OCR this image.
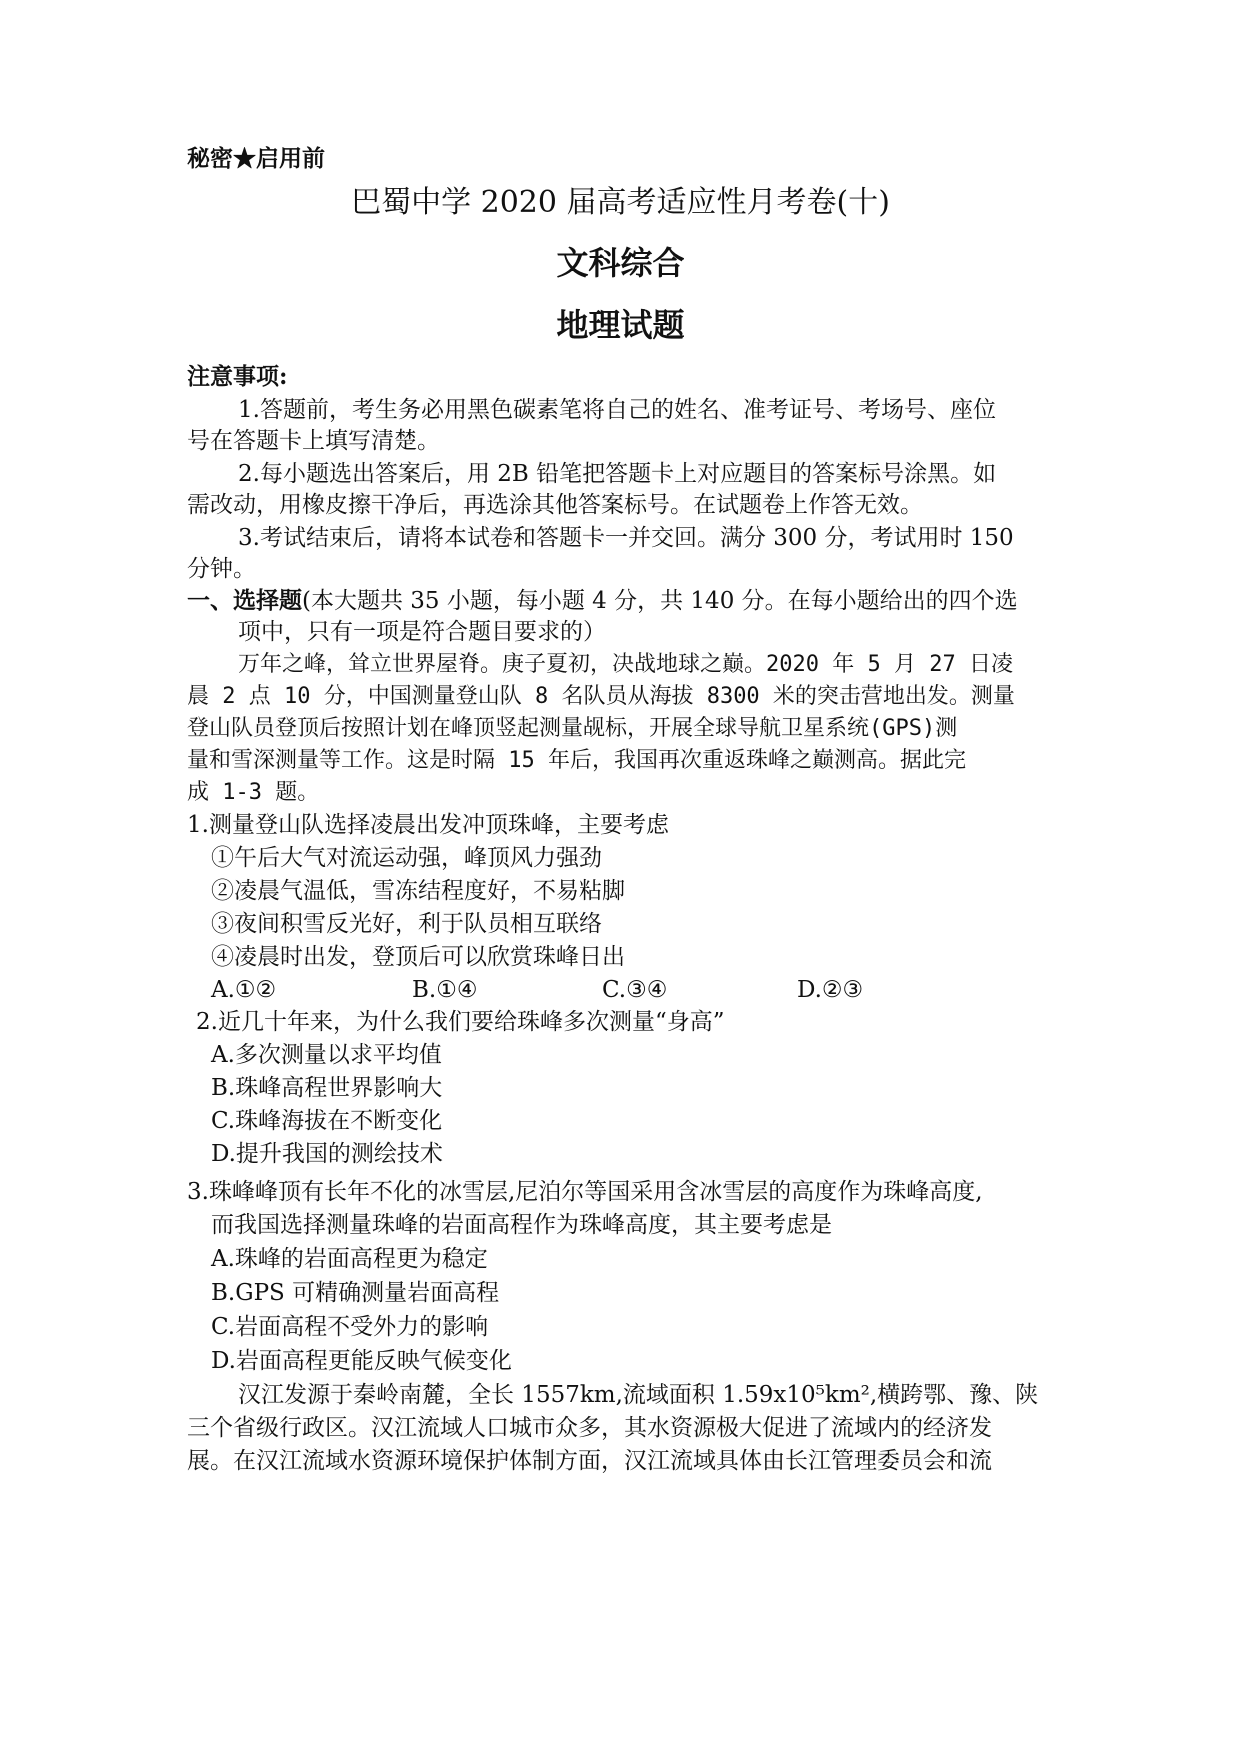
秘密★启用前
巴蜀中学 2020 届高考适应性月考卷(十)
文科综合
地理试题
注意事项:
1.答题前，考生务必用黑色碳素笔将自己的姓名、准考证号、考场号、座位
号在答题卡上填写清楚。
2.每小题选出答案后，用 2B 铅笔把答题卡上对应题目的答案标号涂黑。如
需改动，用橡皮擦干净后，再选涂其他答案标号。在试题卷上作答无效。
3.考试结束后，请将本试卷和答题卡一并交回。满分 300 分，考试用时 150
分钟。
一、选择题(本大题共 35 小题，每小题 4 分，共 140 分。在每小题给出的四个选
项中，只有一项是符合题目要求的）
万年之峰，耸立世界屋脊。庚子夏初，决战地球之巅。2020 年 5 月 27 日凌
晨 2 点 10 分，中国测量登山队 8 名队员从海拔 8300 米的突击营地出发。测量
登山队员登顶后按照计划在峰顶竖起测量觇标，开展全球导航卫星系统(GPS)测
量和雪深测量等工作。这是时隔 15 年后，我国再次重返珠峰之巅测高。据此完
成 1-3 题。
1.测量登山队选择凌晨出发冲顶珠峰，主要考虑
①午后大气对流运动强，峰顶风力强劲
②凌晨气温低，雪冻结程度好，不易粘脚
③夜间积雪反光好，利于队员相互联络
④凌晨时出发，登顶后可以欣赏珠峰日出
A.①②	B.①④	C.③④	D.②③
2.近几十年来，为什么我们要给珠峰多次测量“身高”
A.多次测量以求平均值
B.珠峰高程世界影响大
C.珠峰海拔在不断变化
D.提升我国的测绘技术
3.珠峰峰顶有长年不化的冰雪层,尼泊尔等国采用含冰雪层的高度作为珠峰高度,
而我国选择测量珠峰的岩面高程作为珠峰高度，其主要考虑是
A.珠峰的岩面高程更为稳定
B.GPS 可精确测量岩面高程
C.岩面高程不受外力的影响
D.岩面高程更能反映气候变化
汉江发源于秦岭南麓，全长 1557km,流域面积 1.59x10⁵km²,横跨鄂、豫、陕
三个省级行政区。汉江流域人口城市众多，其水资源极大促进了流域内的经济发
展。在汉江流域水资源环境保护体制方面，汉江流域具体由长江管理委员会和流
